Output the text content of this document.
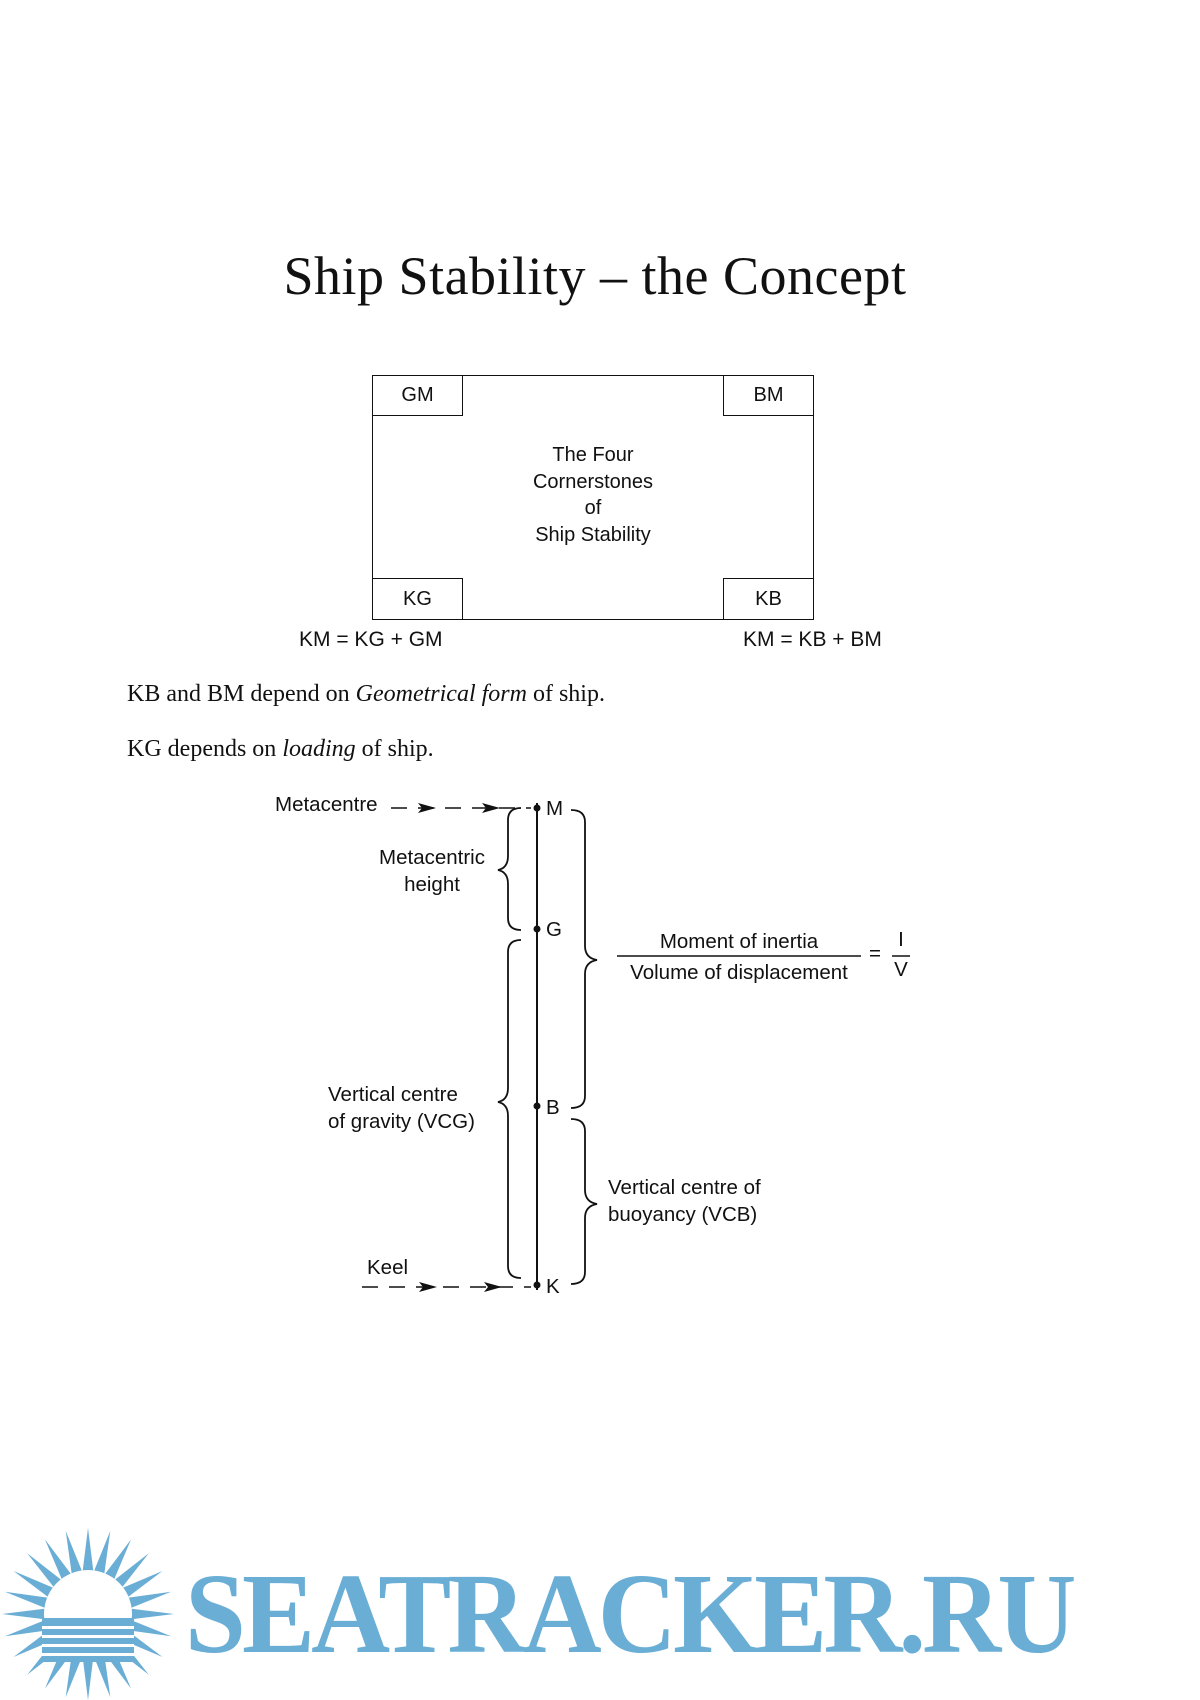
Ship Stability – the Concept
GM	BM
KG	KB
The Four
Cornerstones
of
Ship Stability
KM = KG + GM	KM = KB + BM
KB and BM depend on Geometrical form of ship.
KG depends on loading of ship.
M
G
B
K
Metacentre
Metacentric
height
Vertical centre
of gravity (VCG)
Vertical centre of
buoyancy (VCB)
Keel
Moment of inertia
Volume of displacement
=
I
V
SEATRACKER.RU
